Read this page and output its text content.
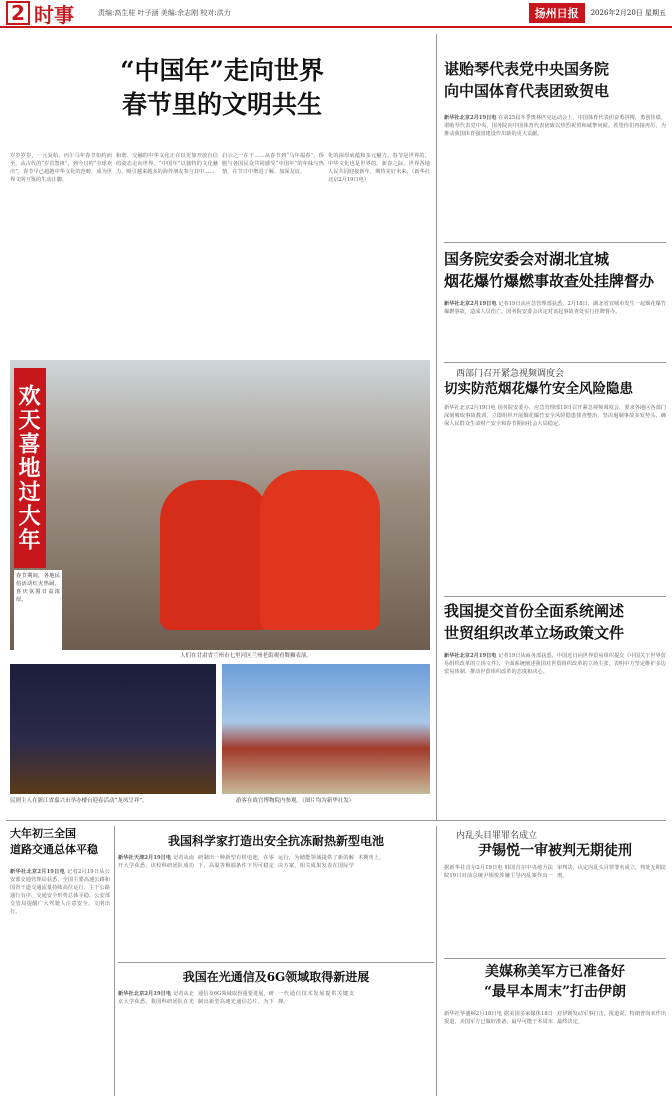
2 时事	责编:高生桂 叶子涵 美编:余志刚 校对:洪力	扬州日报	2026年2月20日 星期五
“中国年”走向世界
春节里的文明共生
岁岁岁岁，一元复始。丙午马年春节如约而至。从古代的“岁首祭祖”，到今日的“全球欢庆”，春节早已超越中华文化的范畴，成为世界文明互鉴的生动注脚。
和谐、交融的中华文化正在以更加开放自信的姿态走向世界。“中国年”以独特的文化魅力，吸引越来越多的海外朋友参与其中……
启示之一在于……从春节到“马年福春”，侨胞与各国民众共同感受“中国年”的年味与热情，在节日中增进了解、加深友谊。
化的深厚底蕴和多元魅力。春节是世界的，中华文化也是世界的。新春之际，世界各地人民共同迎接新年，期待美好未来。（新华社北京2月19日电）
欢天喜地过大年
春节期间，各地民俗活动红火热闹，喜庆氛围日益浓厚。
人们在甘肃省兰州市七里河区兰州老街观看舞狮表演。
民则主人在浙江省嘉兴市举办楼台迎春活动“龙凤呈祥”。	游客在故宫博物院内参观。（图片均为新华社发）
谌贻琴代表党中央国务院
向中国体育代表团致贺电
新华社北京2月19日电 在第25届冬季奥林匹克运动会上，中国体育代表团奋勇拼搏，勇创佳绩。谌贻琴代表党中央、国务院向中国体育代表团致以热烈祝贺和诚挚问候。希望你们再接再厉，为推动我国体育强国建设作出新的更大贡献。
国务院安委会对湖北宜城
烟花爆竹爆燃事故查处挂牌督办
新华社北京2月19日电 记者19日从应急管理部获悉，2月18日，湖北省宜城市发生一起烟花爆竹爆燃事故，造成人员伤亡。国务院安委会决定对该起事故查处实行挂牌督办。
西部门召开紧急视频调度会
切实防范烟花爆竹安全风险隐患
新华社北京2月19日电 国务院安委办、应急管理部19日召开紧急视频调度会，要求各地区各部门深刻吸取事故教训，立即组织开展烟花爆竹安全风险隐患排查整治，坚决遏制事故多发势头，确保人民群众生命财产安全和春节期间社会大局稳定。
我国提交首份全面系统阐述
世贸组织改革立场政策文件
新华社北京2月19日电 记者19日从商务部获悉，中国近日向世界贸易组织提交《中国关于世界贸易组织改革的立场文件》，全面系统阐述我国对世贸组织改革的立场主张，表明中方坚定维护多边贸易体制、推动世贸组织改革的态度和决心。
大年初三全国
道路交通总体平稳
新华社北京2月19日电 记者2月19日从公安部交通管理局获悉，全国主要高速公路和国省干道交通流量持续高位运行，主干公路通行有序，交通安全形势总体平稳。公安部交管局提醒广大驾驶人注意安全，文明出行。
我国科学家打造出安全抗冻耐热新型电池
新华社天津2月19日电 记者从南开大学获悉，该校科研团队成功研制出一种新型有机电池，在零下、高温等极端条件下均可稳定运行，为储能领域提供了新的解决方案，相关成果发表在国际学术期刊上。
我国在光通信及6G领域取得新进展
新华社北京2月19日电 记者从北京大学获悉，我国科研团队在光通信及6G领域取得重要进展，研制出新型高速光通信芯片，为下一代通信技术发展提供关键支撑。
内乱头目罪罪名成立
尹锡悦一审被判无期徒刑
据新华社首尔2月19日电 韩国首尔中央地方法院19日对前总统尹锡悦涉嫌主导内乱案作出一审判决，认定内乱头目罪罪名成立，判处无期徒刑。
美媒称美军方已准备好
“最早本周末”打击伊朗
新华社华盛顿2月18日电 据美国多家媒体18日报道，美国军方已做好准备，最早可能于本周末对伊朗发动军事打击。报道说，特朗普尚未作出最终决定。
